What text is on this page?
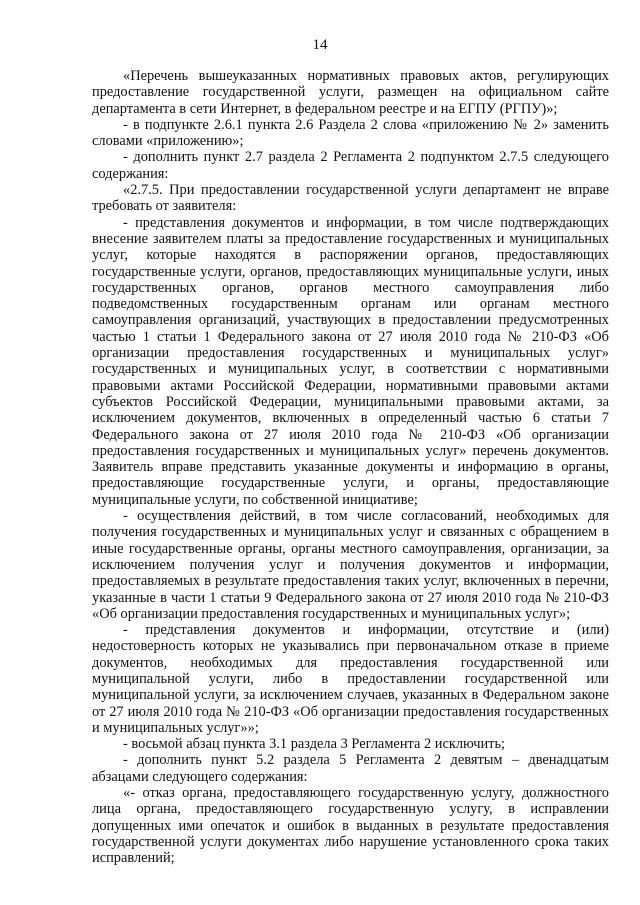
14

«Перечень вышеуказанных нормативных правовых актов, регулирующих предоставление государственной услуги, размещен на официальном сайте департамента в сети Интернет, в федеральном реестре и на ЕГПУ (РГПУ)»;

- в подпункте 2.6.1 пункта 2.6 Раздела 2 слова «приложению № 2» заменить словами «приложению»;

- дополнить пункт 2.7 раздела 2 Регламента 2 подпунктом 2.7.5 следующего содержания:

«2.7.5. При предоставлении государственной услуги департамент не вправе требовать от заявителя:

- представления документов и информации, в том числе подтверждающих внесение заявителем платы за предоставление государственных и муниципальных услуг, которые находятся в распоряжении органов, предоставляющих государственные услуги, органов, предоставляющих муниципальные услуги, иных государственных органов, органов местного самоуправления либо подведомственных государственным органам или органам местного самоуправления организаций, участвующих в предоставлении предусмотренных частью 1 статьи 1 Федерального закона от 27 июля 2010 года № 210-ФЗ «Об организации предоставления государственных и муниципальных услуг» государственных и муниципальных услуг, в соответствии с нормативными правовыми актами Российской Федерации, нормативными правовыми актами субъектов Российской Федерации, муниципальными правовыми актами, за исключением документов, включенных в определенный частью 6 статьи 7 Федерального закона от 27 июля 2010 года № 210-ФЗ «Об организации предоставления государственных и муниципальных услуг» перечень документов. Заявитель вправе представить указанные документы и информацию в органы, предоставляющие государственные услуги, и органы, предоставляющие муниципальные услуги, по собственной инициативе;

- осуществления действий, в том числе согласований, необходимых для получения государственных и муниципальных услуг и связанных с обращением в иные государственные органы, органы местного самоуправления, организации, за исключением получения услуг и получения документов и информации, предоставляемых в результате предоставления таких услуг, включенных в перечни, указанные в части 1 статьи 9 Федерального закона от 27 июля 2010 года № 210-ФЗ «Об организации предоставления государственных и муниципальных услуг»;

- представления документов и информации, отсутствие и (или) недостоверность которых не указывались при первоначальном отказе в приеме документов, необходимых для предоставления государственной или муниципальной услуги, либо в предоставлении государственной или муниципальной услуги, за исключением случаев, указанных в Федеральном законе от 27 июля 2010 года № 210-ФЗ «Об организации предоставления государственных и муниципальных услуг»»;

- восьмой абзац пункта 3.1 раздела 3 Регламента 2 исключить;

- дополнить пункт 5.2 раздела 5 Регламента 2 девятым – двенадцатым абзацами следующего содержания:

«- отказ органа, предоставляющего государственную услугу, должностного лица органа, предоставляющего государственную услугу, в исправлении допущенных ими опечаток и ошибок в выданных в результате предоставления государственной услуги документах либо нарушение установленного срока таких исправлений;
